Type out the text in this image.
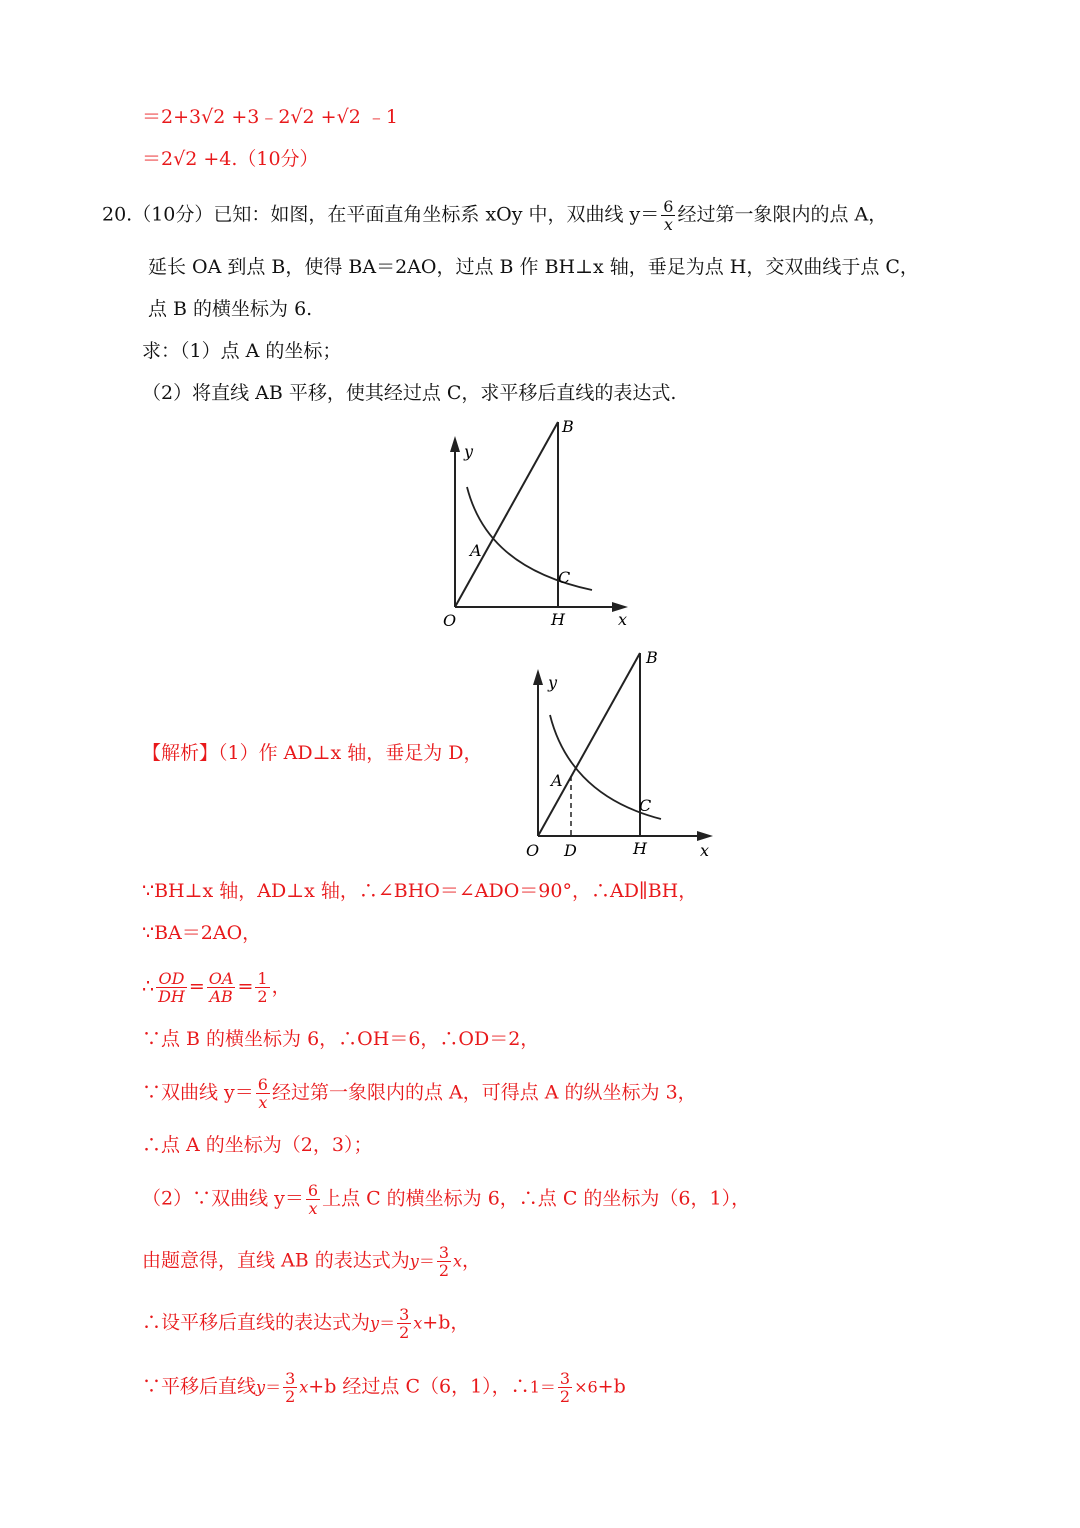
＝2+3√2 +3﹣2√2 +√2 ﹣1
＝2√2 +4.（10分）
20.（10分）已知：如图，在平面直角坐标系 xOy 中，双曲线 $y= \frac{6}{x}$ 经过第一象限内的点 A，
延长 OA 到点 B，使得 BA＝2AO，过点 B 作 BH⊥x 轴，垂足为点 H，交双曲线于点 C，
点 B 的横坐标为 6.
求：（1）点 A 的坐标；
（2）将直线 AB 平移，使其经过点 C，求平移后直线的表达式.
B
y
A
C
O	H	x
【解析】（1）作 AD⊥x 轴，垂足为 D，
B
y
A
C
O D	H	x
∵BH⊥x 轴，AD⊥x 轴，∴∠BHO＝∠ADO＝90°，∴AD∥BH，
∵BA＝2AO，
∴ $\frac{OD}{DH} = \frac{OA}{AB} = \frac{1}{2}$ ，
∵点 B 的横坐标为 6，∴OH＝6，∴OD＝2，
∵双曲线 $y= \frac{6}{x}$ 经过第一象限内的点 A，可得点 A 的纵坐标为 3，
∴点 A 的坐标为（2，3）；
（2）∵双曲线 $y= \frac{6}{x}$ 上点 C 的横坐标为 6，∴点 C 的坐标为（6，1），
由题意得，直线 AB 的表达式为$y= \frac{3}{2}$ x，
∴设平移后直线的表达式为$y= \frac{3}{2} x+b$，
∵平移后直线$y= \frac{3}{2} x+b$ 经过点 C（6，1），∴1＝ $\frac{3}{2} \times 6+b$
